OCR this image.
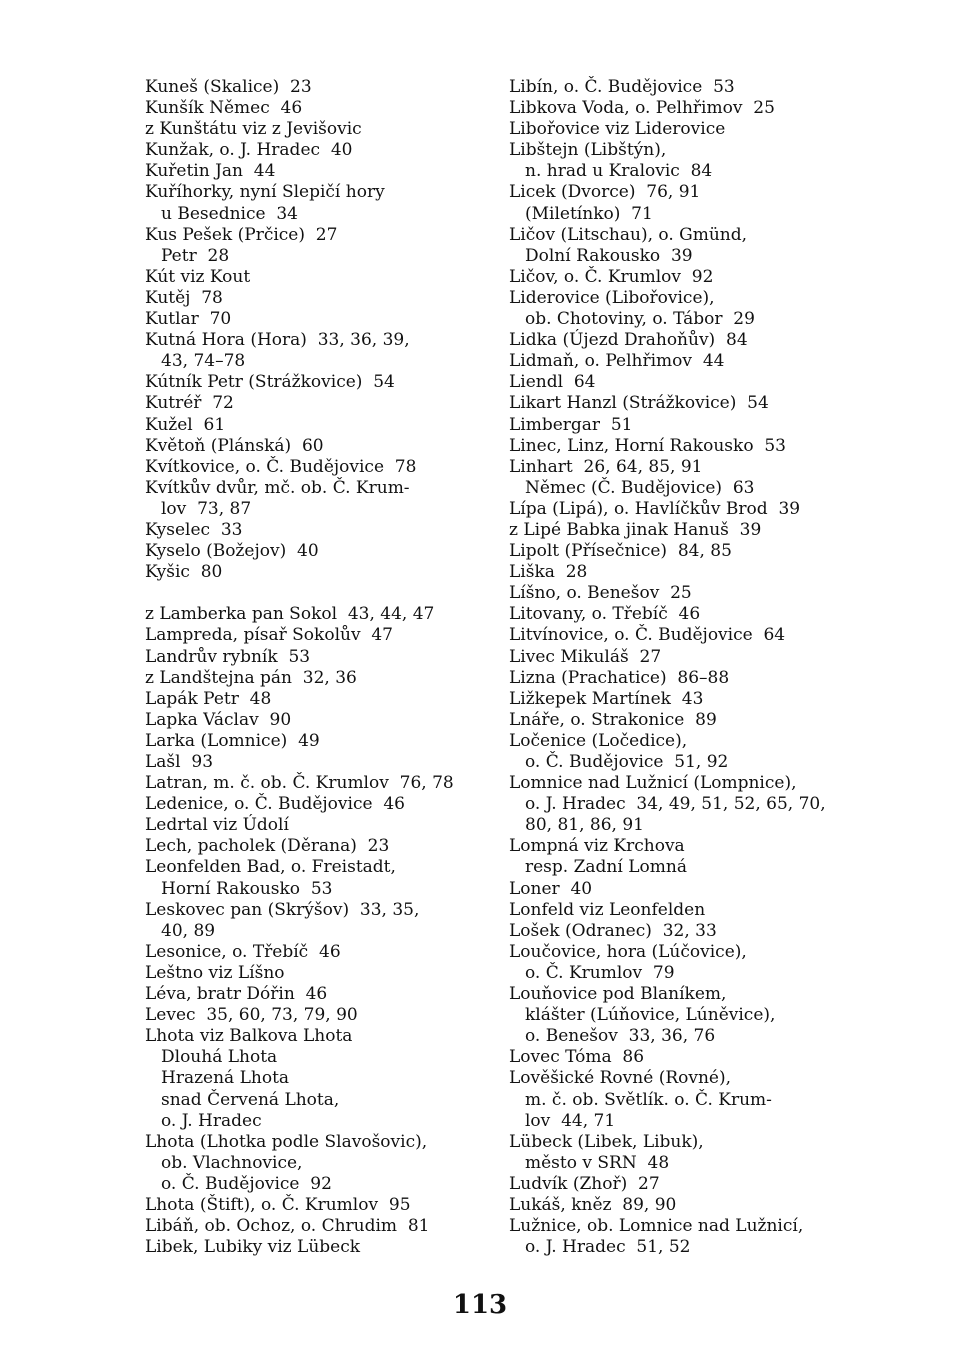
Kuneš (Skalice)  23
Kunšík Němec  46
z Kunštátu viz z Jevišovic
Kunžak, o. J. Hradec  40
Kuřetin Jan  44
Kuříhorky, nyní Slepičí hory
u Besednice  34
Kus Pešek (Prčice)  27
Petr  28
Kút viz Kout
Kutěj  78
Kutlar  70
Kutná Hora (Hora)  33, 36, 39,
43, 74–78
Kútník Petr (Strážkovice)  54
Kutréř  72
Kužel  61
Květoň (Plánská)  60
Kvítkovice, o. Č. Budějovice  78
Kvítkův dvůr, mč. ob. Č. Krum-
lov  73, 87
Kyselec  33
Kyselo (Božejov)  40
Kyšic  80
z Lamberka pan Sokol  43, 44, 47
Lampreda, písař Sokolův  47
Landrův rybník  53
z Landštejna pán  32, 36
Lapák Petr  48
Lapka Václav  90
Larka (Lomnice)  49
Lašl  93
Latran, m. č. ob. Č. Krumlov  76, 78
Ledenice, o. Č. Budějovice  46
Ledrtal viz Údolí
Lech, pacholek (Děrana)  23
Leonfelden Bad, o. Freistadt,
Horní Rakousko  53
Leskovec pan (Skrýšov)  33, 35,
40, 89
Lesonice, o. Třebíč  46
Leštno viz Líšno
Léva, bratr Dóřin  46
Levec  35, 60, 73, 79, 90
Lhota viz Balkova Lhota
Dlouhá Lhota
Hrazená Lhota
snad Červená Lhota,
o. J. Hradec
Lhota (Lhotka podle Slavošovic),
ob. Vlachnovice,
o. Č. Budějovice  92
Lhota (Štift), o. Č. Krumlov  95
Libáň, ob. Ochoz, o. Chrudim  81
Libek, Lubiky viz Lübeck
Libín, o. Č. Budějovice  53
Libkova Voda, o. Pelhřimov  25
Libořovice viz Liderovice
Libštejn (Libštýn),
n. hrad u Kralovic  84
Licek (Dvorce)  76, 91
(Miletínko)  71
Ličov (Litschau), o. Gmünd,
Dolní Rakousko  39
Ličov, o. Č. Krumlov  92
Liderovice (Libořovice),
ob. Chotoviny, o. Tábor  29
Lidka (Újezd Drahoňův)  84
Lidmaň, o. Pelhřimov  44
Liendl  64
Likart Hanzl (Strážkovice)  54
Limbergar  51
Linec, Linz, Horní Rakousko  53
Linhart  26, 64, 85, 91
Němec (Č. Budějovice)  63
Lípa (Lipá), o. Havlíčkův Brod  39
z Lipé Babka jinak Hanuš  39
Lipolt (Přísečnice)  84, 85
Liška  28
Líšno, o. Benešov  25
Litovany, o. Třebíč  46
Litvínovice, o. Č. Budějovice  64
Livec Mikuláš  27
Lizna (Prachatice)  86–88
Ližkepek Martínek  43
Lnáře, o. Strakonice  89
Ločenice (Ločedice),
o. Č. Budějovice  51, 92
Lomnice nad Lužnicí (Lompnice),
o. J. Hradec  34, 49, 51, 52, 65, 70,
80, 81, 86, 91
Lompná viz Krchova
resp. Zadní Lomná
Loner  40
Lonfeld viz Leonfelden
Lošek (Odranec)  32, 33
Loučovice, hora (Lúčovice),
o. Č. Krumlov  79
Louňovice pod Blaníkem,
klášter (Lúňovice, Lúněvice),
o. Benešov  33, 36, 76
Lovec Tóma  86
Lověšické Rovné (Rovné),
m. č. ob. Světlík. o. Č. Krum-
lov  44, 71
Lübeck (Libek, Libuk),
město v SRN  48
Ludvík (Zhoř)  27
Lukáš, kněz  89, 90
Lužnice, ob. Lomnice nad Lužnicí,
o. J. Hradec  51, 52
113
